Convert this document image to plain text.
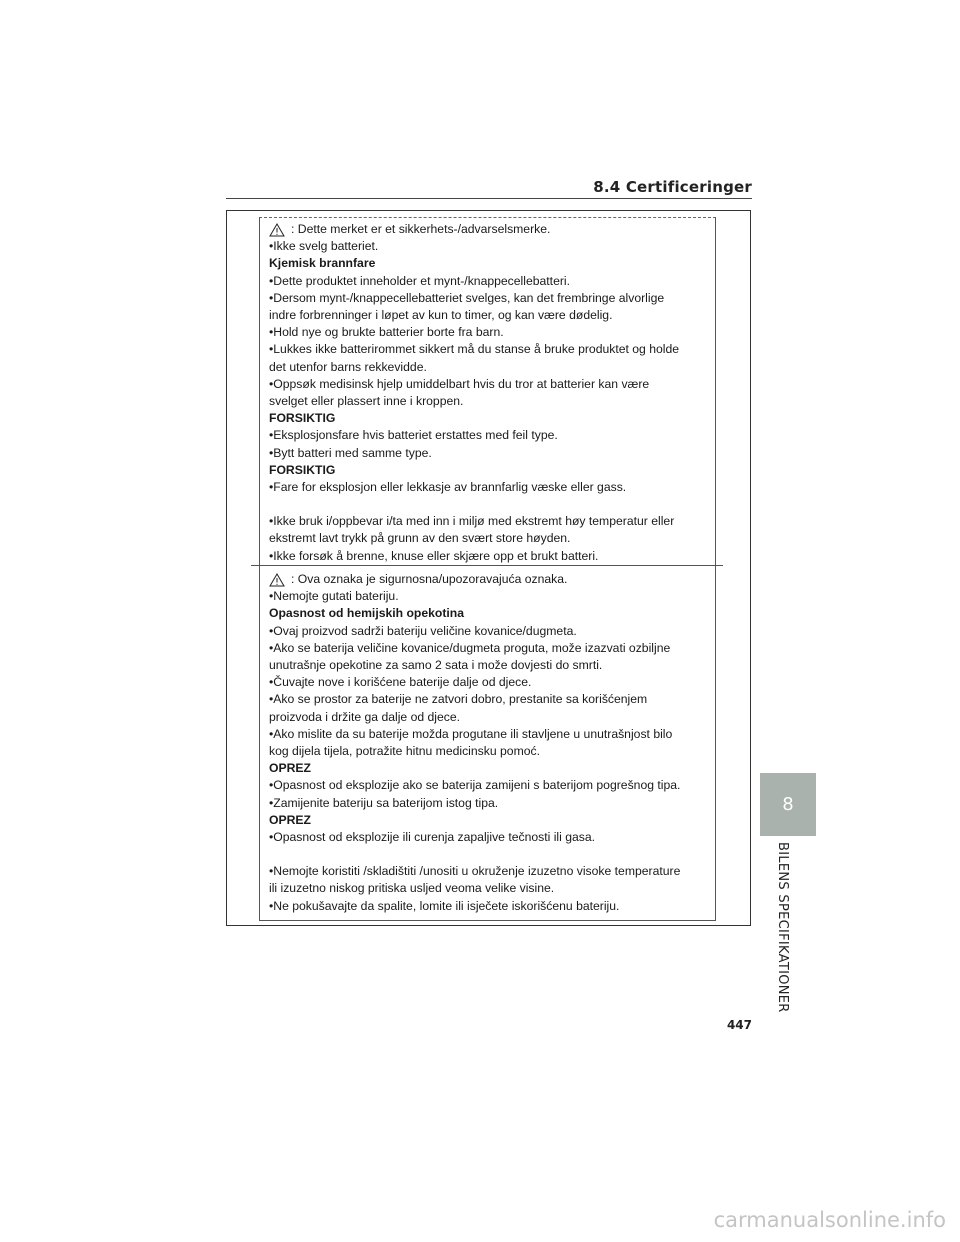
8.4 Certificeringer
: Dette merket er et sikkerhets-/advarselsmerke.
•Ikke svelg batteriet.
Kjemisk brannfare
•Dette produktet inneholder et mynt-/knappecellebatteri.
•Dersom mynt-/knappecellebatteriet svelges, kan det frembringe alvorlige
indre forbrenninger i løpet av kun to timer, og kan være dødelig.
•Hold nye og brukte batterier borte fra barn.
•Lukkes ikke batterirommet sikkert må du stanse å bruke produktet og holde
det utenfor barns rekkevidde.
•Oppsøk medisinsk hjelp umiddelbart hvis du tror at batterier kan være
svelget eller plassert inne i kroppen.
FORSIKTIG
•Eksplosjonsfare hvis batteriet erstattes med feil type.
•Bytt batteri med samme type.
FORSIKTIG
•Fare for eksplosjon eller lekkasje av brannfarlig væske eller gass.
•Ikke bruk i/oppbevar i/ta med inn i miljø med ekstremt høy temperatur eller
ekstremt lavt trykk på grunn av den svært store høyden.
•Ikke forsøk å brenne, knuse eller skjære opp et brukt batteri.
: Ova oznaka je sigurnosna/upozoravajuća oznaka.
•Nemojte gutati bateriju.
Opasnost od hemijskih opekotina
•Ovaj proizvod sadrži bateriju veličine kovanice/dugmeta.
•Ako se baterija veličine kovanice/dugmeta proguta, može izazvati ozbiljne
unutrašnje opekotine za samo 2 sata i može dovjesti do smrti.
•Čuvajte nove i korišćene baterije dalje od djece.
•Ako se prostor za baterije ne zatvori dobro, prestanite sa korišćenjem
proizvoda i držite ga dalje od djece.
•Ako mislite da su baterije možda progutane ili stavljene u unutrašnjost bilo
kog dijela tijela, potražite hitnu medicinsku pomoć.
OPREZ
•Opasnost od eksplozije ako se baterija zamijeni s baterijom pogrešnog tipa.
•Zamijenite bateriju sa baterijom istog tipa.
OPREZ
•Opasnost od eksplozije ili curenja zapaljive tečnosti ili gasa.
•Nemojte koristiti /skladištiti /unositi u okruženje izuzetno visoke temperature
ili izuzetno niskog pritiska usljed veoma velike visine.
•Ne pokušavajte da spalite, lomite ili isječete iskorišćenu bateriju.
8
BILENS SPECIFIKATIONER
447
carmanualsonline.info
